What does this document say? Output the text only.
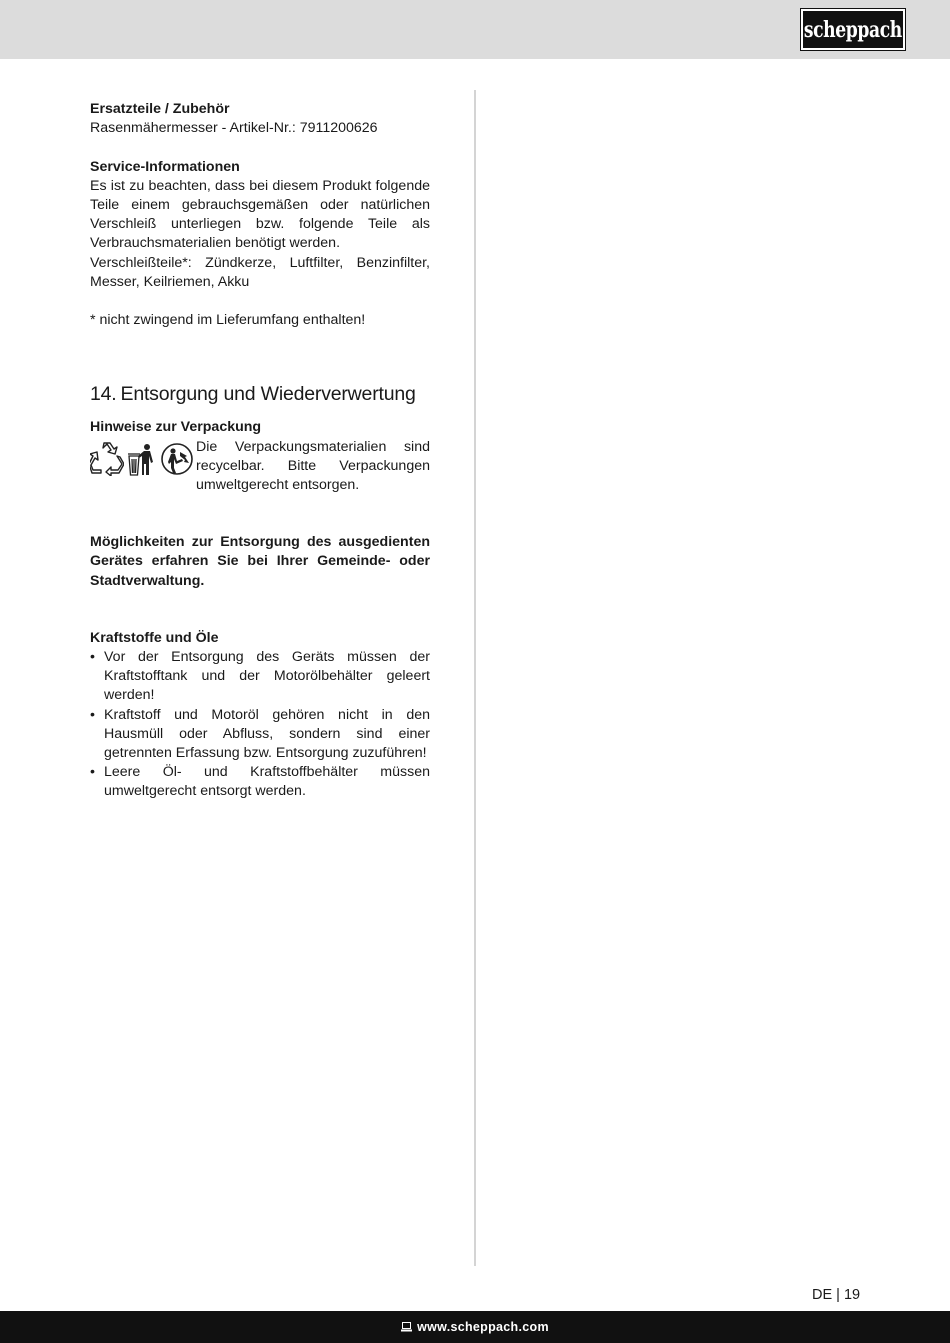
scheppach
Ersatzteile / Zubehör
Rasenmähermesser - Artikel-Nr.: 7911200626
Service-Informationen
Es ist zu beachten, dass bei diesem Produkt folgende Teile einem gebrauchsgemäßen oder natürlichen Verschleiß unterliegen bzw. folgende Teile als Verbrauchsmaterialien benötigt werden.
Verschleißteile*: Zündkerze, Luftfilter, Benzinfilter, Messer, Keilriemen, Akku
* nicht zwingend im Lieferumfang enthalten!
14. Entsorgung und Wiederverwertung
Hinweise zur Verpackung
Die Verpackungsmaterialien sind recycelbar. Bitte Verpackungen umweltgerecht entsorgen.
Möglichkeiten zur Entsorgung des ausgedienten Gerätes erfahren Sie bei Ihrer Gemeinde- oder Stadtverwaltung.
Kraftstoffe und Öle
• Vor der Entsorgung des Geräts müssen der Kraftstofftank und der Motorölbehälter geleert werden!
• Kraftstoff und Motoröl gehören nicht in den Hausmüll oder Abfluss, sondern sind einer getrennten Erfassung bzw. Entsorgung zuzuführen!
• Leere Öl- und Kraftstoffbehälter müssen umweltgerecht entsorgt werden.
DE | 19
www.scheppach.com
